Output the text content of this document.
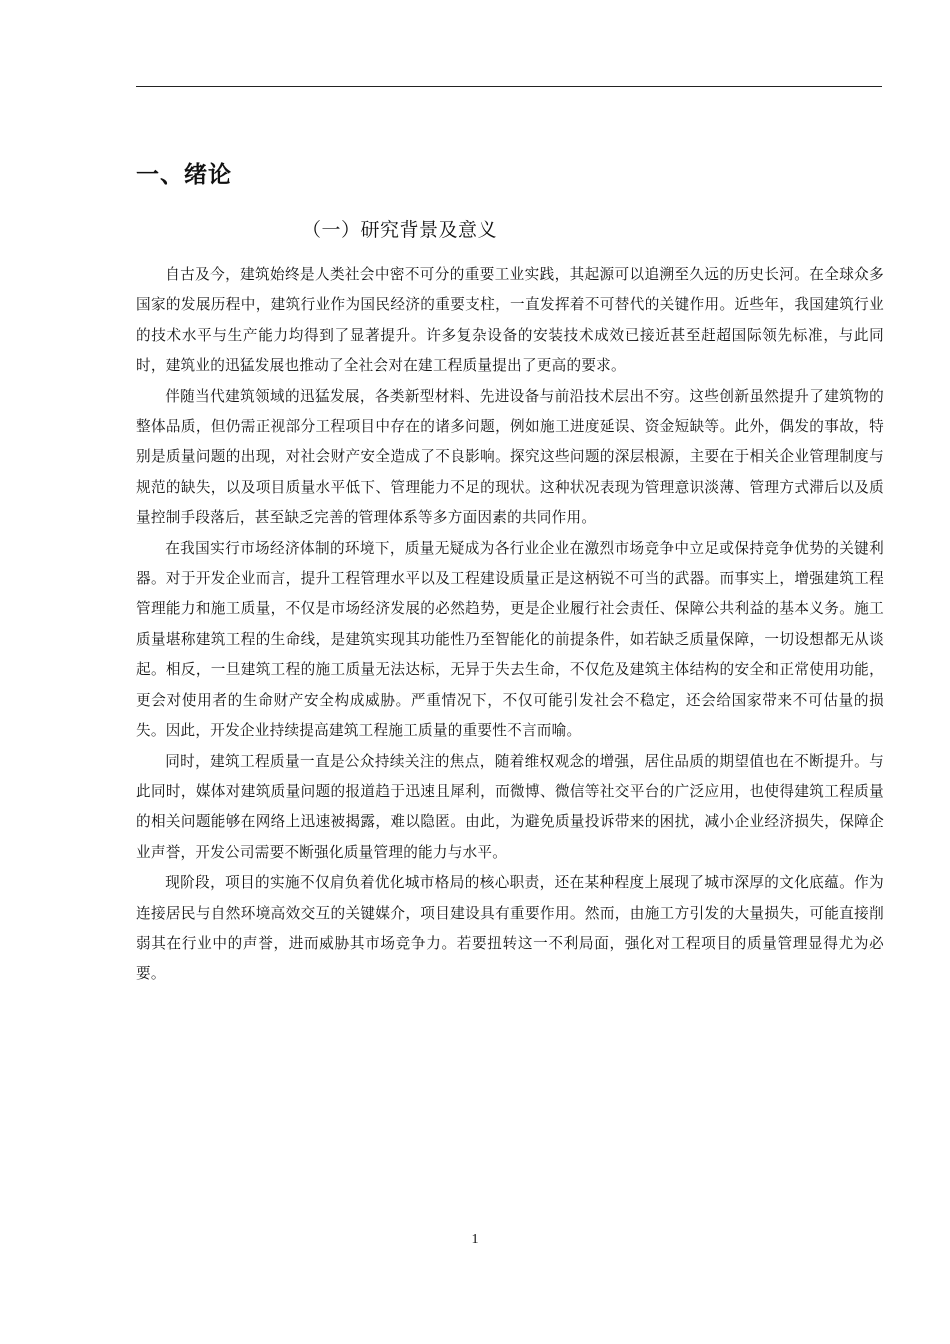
一、绪论
（一）研究背景及意义

自古及今，建筑始终是人类社会中密不可分的重要工业实践，其起源可以追溯至久远的历史长河。在全球众多国家的发展历程中，建筑行业作为国民经济的重要支柱，一直发挥着不可替代的关键作用。近些年，我国建筑行业的技术水平与生产能力均得到了显著提升。许多复杂设备的安装技术成效已接近甚至赶超国际领先标准，与此同时，建筑业的迅猛发展也推动了全社会对在建工程质量提出了更高的要求。

伴随当代建筑领域的迅猛发展，各类新型材料、先进设备与前沿技术层出不穷。这些创新虽然提升了建筑物的整体品质，但仍需正视部分工程项目中存在的诸多问题，例如施工进度延误、资金短缺等。此外，偶发的事故，特别是质量问题的出现，对社会财产安全造成了不良影响。探究这些问题的深层根源，主要在于相关企业管理制度与规范的缺失，以及项目质量水平低下、管理能力不足的现状。这种状况表现为管理意识淡薄、管理方式滞后以及质量控制手段落后，甚至缺乏完善的管理体系等多方面因素的共同作用。

在我国实行市场经济体制的环境下，质量无疑成为各行业企业在激烈市场竞争中立足或保持竞争优势的关键利器。对于开发企业而言，提升工程管理水平以及工程建设质量正是这柄锐不可当的武器。而事实上，增强建筑工程管理能力和施工质量，不仅是市场经济发展的必然趋势，更是企业履行社会责任、保障公共利益的基本义务。施工质量堪称建筑工程的生命线，是建筑实现其功能性乃至智能化的前提条件，如若缺乏质量保障，一切设想都无从谈起。相反，一旦建筑工程的施工质量无法达标，无异于失去生命，不仅危及建筑主体结构的安全和正常使用功能，更会对使用者的生命财产安全构成威胁。严重情况下，不仅可能引发社会不稳定，还会给国家带来不可估量的损失。因此，开发企业持续提高建筑工程施工质量的重要性不言而喻。

同时，建筑工程质量一直是公众持续关注的焦点，随着维权观念的增强，居住品质的期望值也在不断提升。与此同时，媒体对建筑质量问题的报道趋于迅速且犀利，而微博、微信等社交平台的广泛应用，也使得建筑工程质量的相关问题能够在网络上迅速被揭露，难以隐匿。由此，为避免质量投诉带来的困扰，减小企业经济损失，保障企业声誉，开发公司需要不断强化质量管理的能力与水平。

现阶段，项目的实施不仅肩负着优化城市格局的核心职责，还在某种程度上展现了城市深厚的文化底蕴。作为连接居民与自然环境高效交互的关键媒介，项目建设具有重要作用。然而，由施工方引发的大量损失，可能直接削弱其在行业中的声誉，进而威胁其市场竞争力。若要扭转这一不利局面，强化对工程项目的质量管理显得尤为必要。

1
